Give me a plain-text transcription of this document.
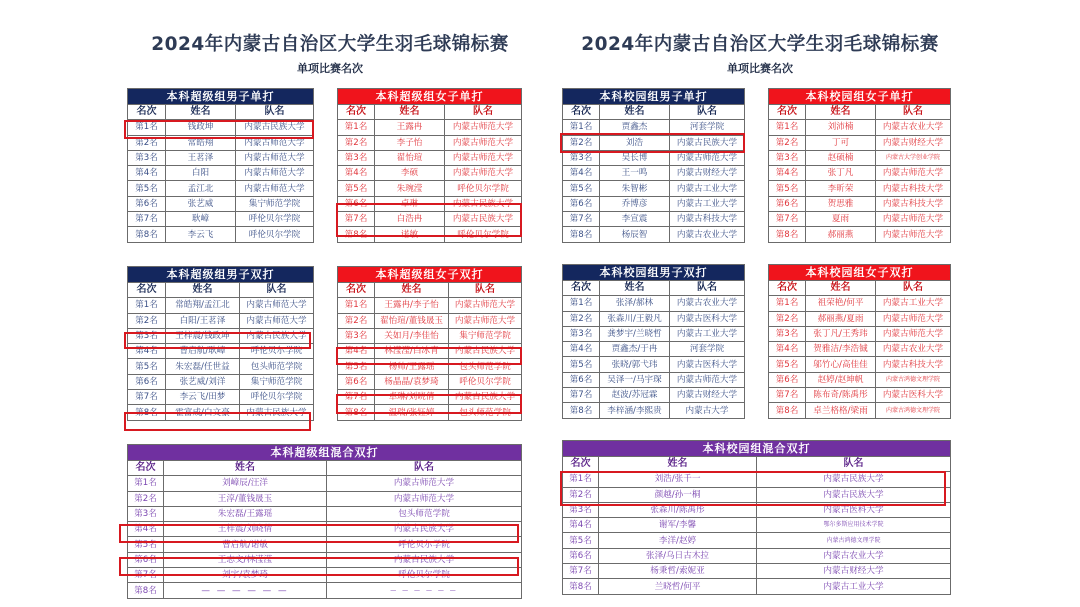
2024年内蒙古自治区大学生羽毛球锦标赛
单项比赛名次
本科超级组男子单打		
名次	姓名	队名
第1名	钱政坤	内蒙古民族大学
第2名	常皓翔	内蒙古师范大学
第3名	王茗泽	内蒙古师范大学
第4名	白阳	内蒙古师范大学
第5名	孟江北	内蒙古师范大学
第6名	张艺威	集宁师范学院
第7名	耿嶂	呼伦贝尔学院
第8名	李云飞	呼伦贝尔学院
本科超级组女子单打		
名次	姓名	队名
第1名	王露冉	内蒙古师范大学
第2名	李子怡	内蒙古师范大学
第3名	翟怡瑄	内蒙古师范大学
第4名	李硕	内蒙古师范大学
第5名	朱琬滢	呼伦贝尔学院
第6名	卓琳	内蒙古民族大学
第7名	白浩冉	内蒙古民族大学
第8名	诺敏	呼伦贝尔学院
本科超级组男子双打		
名次	姓名	队名
第1名	常皓翔/孟江北	内蒙古师范大学
第2名	白阳/王茗泽	内蒙古师范大学
第3名	王梓震/钱政坤	内蒙古民族大学
第4名	曹启航/耿嶂	呼伦贝尔学院
第5名	朱宏磊/任世益	包头师范学院
第6名	张艺威/刘洋	集宁师范学院
第7名	李云飞/田梦	呼伦贝尔学院
第8名	霍富成/白文豪	内蒙古民族大学
本科超级组女子双打		
名次	姓名	队名
第1名	王露冉/李子怡	内蒙古师范大学
第2名	翟怡瑄/董钱晟玉	内蒙古师范大学
第3名	关如月/李佳怡	集宁师范学院
第4名	林滢滢/白冰青	内蒙古民族大学
第5名	杨帅/王露瑶	包头师范学院
第6名	杨晶晶/袁梦琦	呼伦贝尔学院
第7名	卓琳/刘晓倩	内蒙古民族大学
第8名	温瑞/张钰婷	包头师范学院
本科超级组混合双打		
名次	姓名	队名
第1名	刘嶂辰/汪洋	内蒙古师范大学
第2名	王淳/董钱晟玉	内蒙古师范大学
第3名	朱宏磊/王露瑶	包头师范学院
第4名	王梓震/刘晓倩	内蒙古民族大学
第5名	曹启航/诺敏	呼伦贝尔学院
第6名	王志文/林滢滢	内蒙古民族大学
第7名	刘宇/袁梦琦	呼伦贝尔学院
第8名	— — — — — —	— — — — — —
2024年内蒙古自治区大学生羽毛球锦标赛
单项比赛名次
本科校园组男子单打		
名次	姓名	队名
第1名	贾鑫杰	河套学院
第2名	刘浩	内蒙古民族大学
第3名	吴长博	内蒙古师范大学
第4名	王一鸣	内蒙古财经大学
第5名	朱智彬	内蒙古工业大学
第6名	乔博彦	内蒙古工业大学
第7名	李宣震	内蒙古科技大学
第8名	杨辰智	内蒙古农业大学
本科校园组女子单打		
名次	姓名	队名
第1名	刘沛楠	内蒙古农业大学
第2名	丁可	内蒙古财经大学
第3名	赵硕楠	内蒙古大学创业学院
第4名	张丁凡	内蒙古师范大学
第5名	李昕荣	内蒙古科技大学
第6名	贺思雅	内蒙古科技大学
第7名	夏雨	内蒙古师范大学
第8名	郝丽燕	内蒙古师范大学
本科校园组男子双打		
名次	姓名	队名
第1名	张泽/郝林	内蒙古农业大学
第2名	张森川/王毅凡	内蒙古医科大学
第3名	龚梦宇/兰晓哲	内蒙古工业大学
第4名	贾鑫杰/于冉	河套学院
第5名	张晓/郭弋玮	内蒙古医科大学
第6名	吴泽一/马宇琛	内蒙古师范大学
第7名	赵波/苏冠霖	内蒙古财经大学
第8名	李梓涵/李熙贵	内蒙古大学
本科校园组女子双打		
名次	姓名	队名
第1名	祖荣艳/何平	内蒙古工业大学
第2名	郝丽燕/夏雨	内蒙古师范大学
第3名	张丁凡/王秀玮	内蒙古师范大学
第4名	贺雅洁/李浩铖	内蒙古农业大学
第5名	邬竹心/高佳佳	内蒙古科技大学
第6名	赵婷/赵坤帆	内蒙古鸿德文理学院
第7名	陈布奇/陈禹彤	内蒙古医科大学
第8名	卓兰格格/梁雨	内蒙古鸿德文理学院
本科校园组混合双打		
名次	姓名	队名
第1名	刘浩/张千一	内蒙古民族大学
第2名	颜越/孙一桐	内蒙古民族大学
第3名	张森川/陈禹彤	内蒙古医科大学
第4名	谢军/李馨	鄂尔多斯应用技术学院
第5名	李洋/赵婷	内蒙古鸿德文理学院
第6名	张泽/乌日古木拉	内蒙古农业大学
第7名	杨秉哲/索妮亚	内蒙古财经大学
第8名	兰晓哲/何平	内蒙古工业大学
